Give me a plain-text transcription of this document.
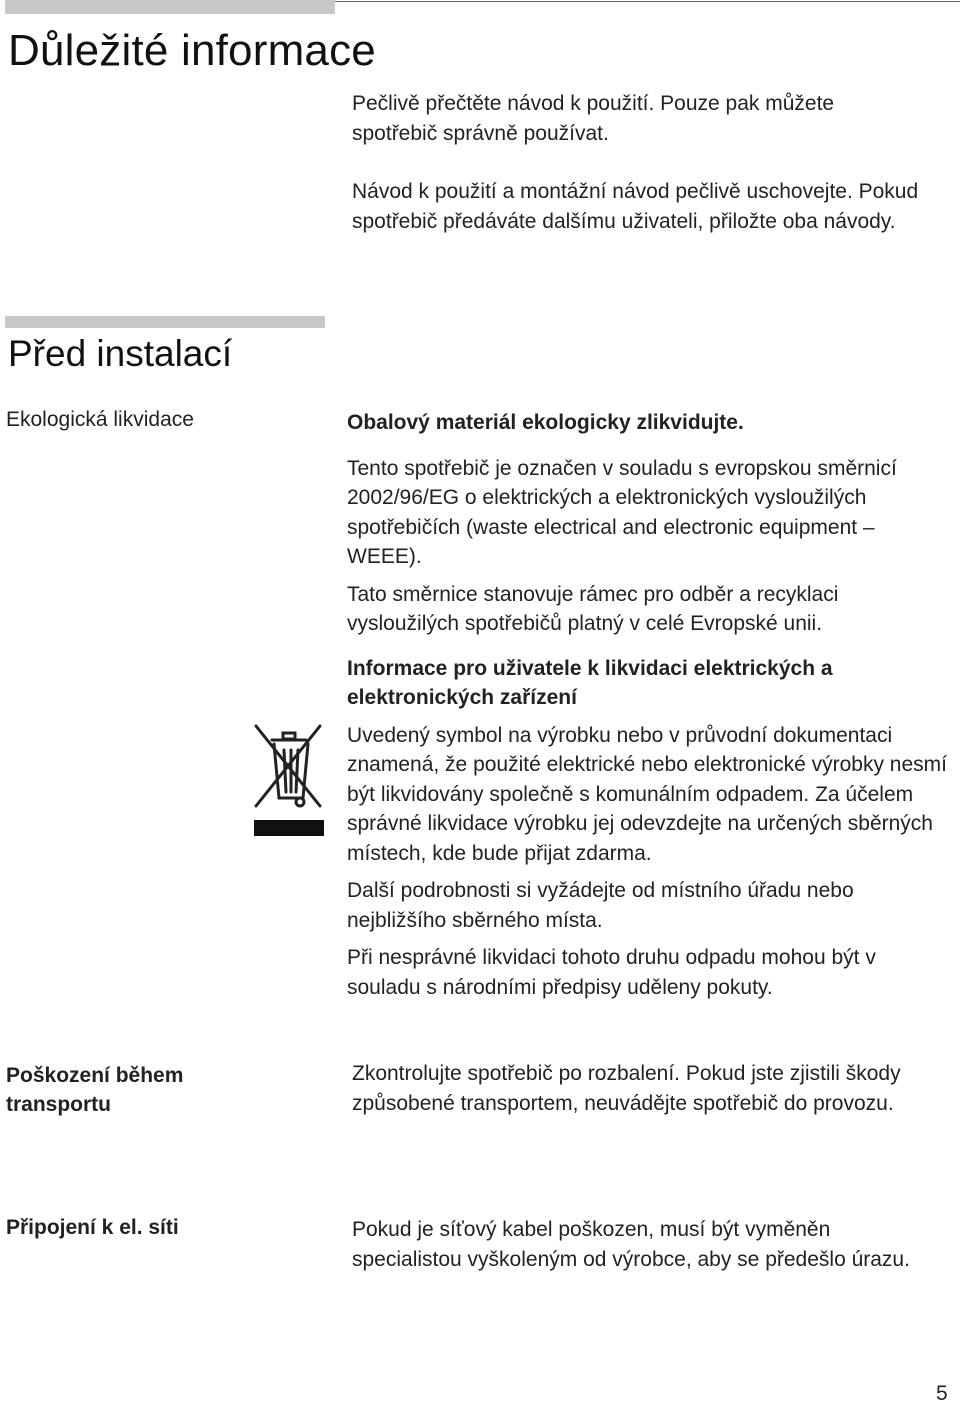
Důležité informace

Pečlivě přečtěte návod k použití. Pouze pak můžete spotřebič správně používat.

Návod k použití a montážní návod pečlivě uschovejte. Pokud spotřebič předáváte dalšímu uživateli, přiložte oba návody.

Před instalací
Ekologická likvidace	Obalový materiál ekologicky zlikvidujte.

Tento spotřebič je označen v souladu s evropskou směrnicí 2002/96/EG o elektrických a elektronických vysloužilých spotřebičích (waste electrical and electronic equipment – WEEE).

Tato směrnice stanovuje rámec pro odběr a recyklaci vysloužilých spotřebičů platný v celé Evropské unii.

Informace pro uživatele k likvidaci elektrických a elektronických zařízení

Uvedený symbol na výrobku nebo v průvodní dokumentaci znamená, že použité elektrické nebo elektronické výrobky nesmí být likvidovány společně s komunálním odpadem. Za účelem správné likvidace výrobku jej odevzdejte na určených sběrných místech, kde bude přijat zdarma.

Další podrobnosti si vyžádejte od místního úřadu nebo nejbližšího sběrného místa.

Při nesprávné likvidaci tohoto druhu odpadu mohou být v souladu s národními předpisy uděleny pokuty.

Poškození během transportu
Zkontrolujte spotřebič po rozbalení. Pokud jste zjistili škody způsobené transportem, neuvádějte spotřebič do provozu.
Připojení k el. síti	Pokud je síťový kabel poškozen, musí být vyměněn specialistou vyškoleným od výrobce, aby se předešlo úrazu.
5
